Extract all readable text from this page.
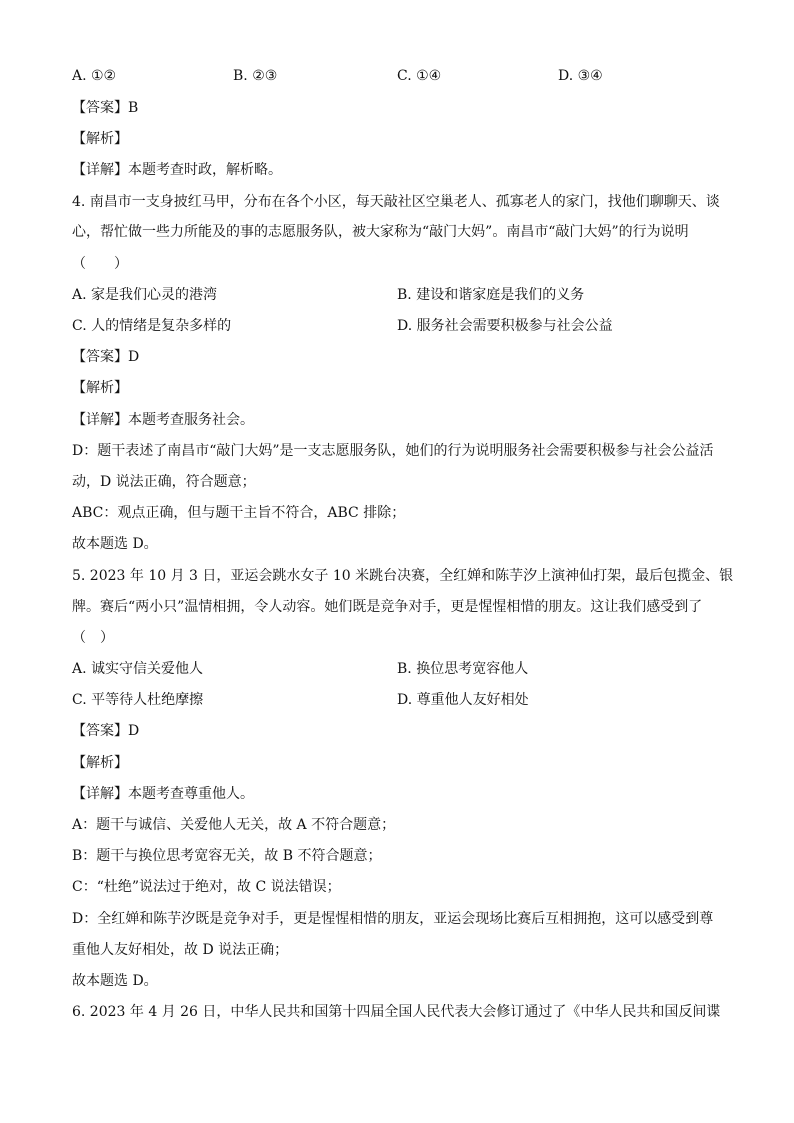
A. ①②	B. ②③	C. ①④	D. ③④
【答案】B
【解析】
【详解】本题考查时政，解析略。
4. 南昌市一支身披红马甲，分布在各个小区，每天敲社区空巢老人、孤寡老人的家门，找他们聊聊天、谈
心，帮忙做一些力所能及的事的志愿服务队，被大家称为“敲门大妈”。南昌市“敲门大妈”的行为说明
（　　）
A. 家是我们心灵的港湾	B. 建设和谐家庭是我们的义务
C. 人的情绪是复杂多样的	D. 服务社会需要积极参与社会公益
【答案】D
【解析】
【详解】本题考查服务社会。
D：题干表述了南昌市“敲门大妈”是一支志愿服务队，她们的行为说明服务社会需要积极参与社会公益活
动，D 说法正确，符合题意；
ABC：观点正确，但与题干主旨不符合，ABC 排除；
故本题选 D。
5. 2023 年 10 月 3 日，亚运会跳水女子 10 米跳台决赛，全红婵和陈芋汐上演神仙打架，最后包揽金、银
牌。赛后“两小只”温情相拥，令人动容。她们既是竞争对手，更是惺惺相惜的朋友。这让我们感受到了
（　）
A. 诚实守信关爱他人	B. 换位思考宽容他人
C. 平等待人杜绝摩擦	D. 尊重他人友好相处
【答案】D
【解析】
【详解】本题考查尊重他人。
A：题干与诚信、关爱他人无关，故 A 不符合题意；
B：题干与换位思考宽容无关，故 B 不符合题意；
C：“杜绝”说法过于绝对，故 C 说法错误；
D：全红婵和陈芋汐既是竞争对手，更是惺惺相惜的朋友，亚运会现场比赛后互相拥抱，这可以感受到尊
重他人友好相处，故 D 说法正确；
故本题选 D。
6. 2023 年 4 月 26 日，中华人民共和国第十四届全国人民代表大会修订通过了《中华人民共和国反间谍
